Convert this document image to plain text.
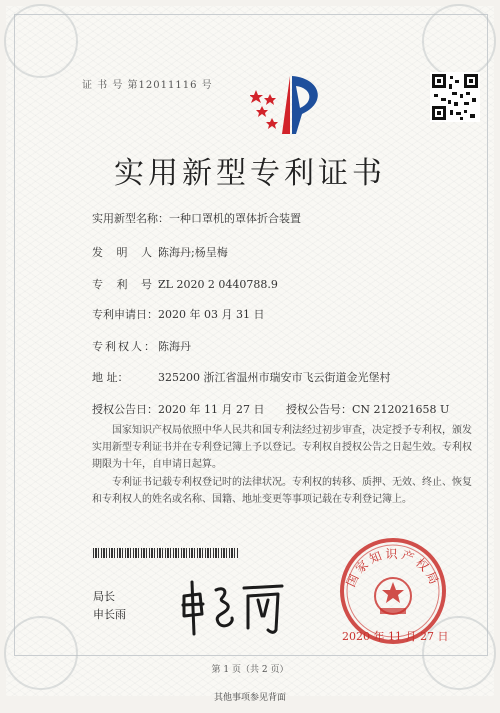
证 书 号 第12011116 号
实用新型专利证书
实用新型名称：一种口罩机的罩体折合装置
发 明 人：陈海丹;杨呈梅
专 利 号：ZL 2020 2 0440788.9
专利申请日：2020 年 03 月 31 日
专利权人：陈海丹
地 址：	325200 浙江省温州市瑞安市飞云街道金光堡村
授权公告日：2020 年 11 月 27 日 授权公告号：CN 212021658 U
国家知识产权局依照中华人民共和国专利法经过初步审查，决定授予专利权，颁发实用新型专利证书并在专利登记簿上予以登记。专利权自授权公告之日起生效。专利权期限为十年，自申请日起算。
专利证书记载专利权登记时的法律状况。专利权的转移、质押、无效、终止、恢复和专利权人的姓名或名称、国籍、地址变更等事项记载在专利登记簿上。
局长
申长雨
国家知识产权局
2020 年 11 月 27 日
第 1 页（共 2 页）
其他事项参见背面
